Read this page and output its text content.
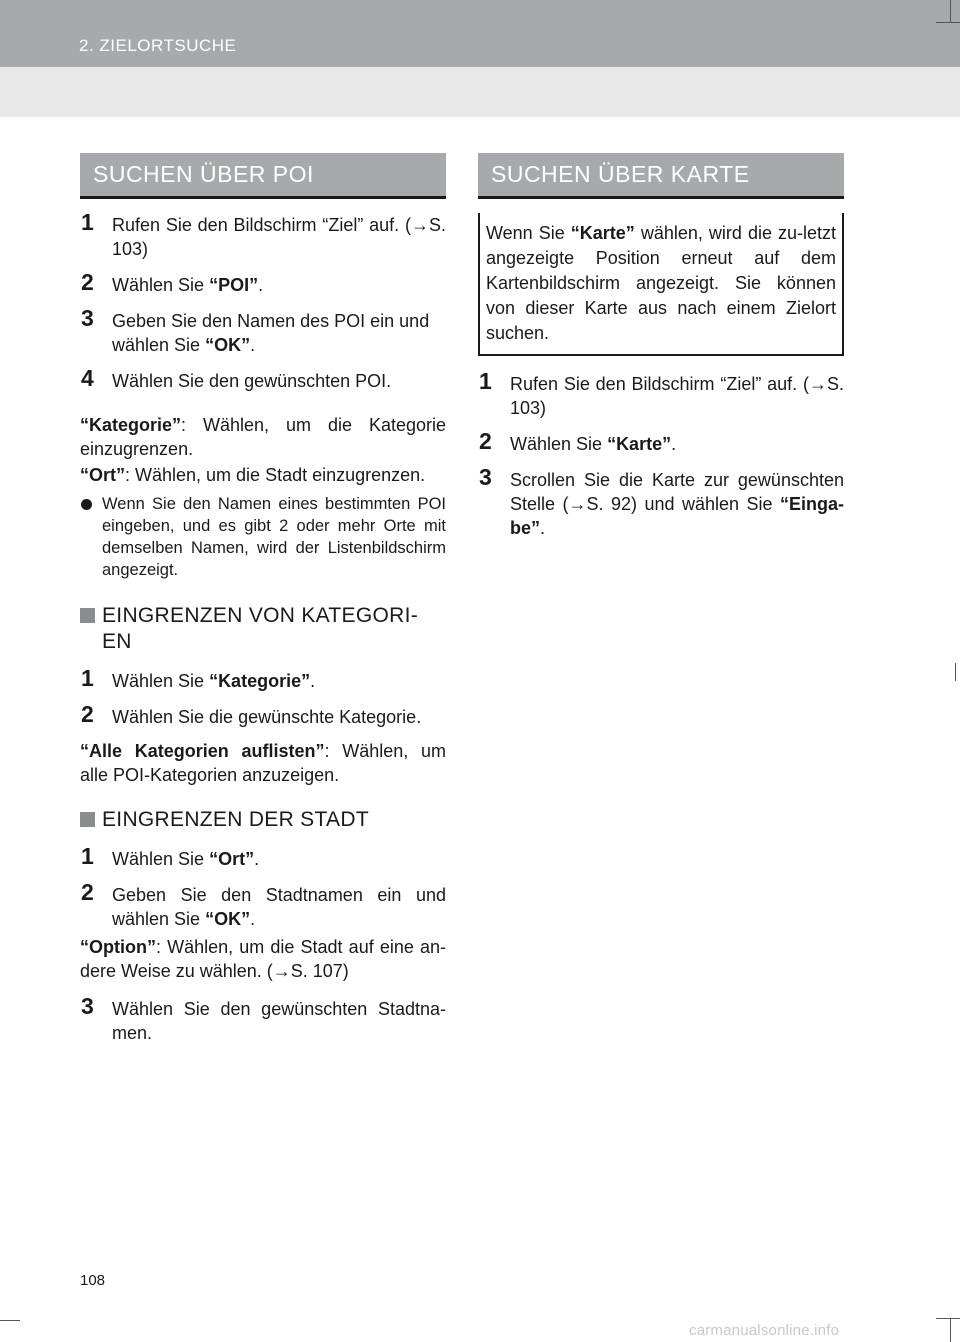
2. ZIELORTSUCHE
SUCHEN ÜBER POI
1 Rufen Sie den Bildschirm “Ziel” auf. (→S. 103)
2 Wählen Sie “POI”.
3 Geben Sie den Namen des POI ein und wählen Sie “OK”.
4 Wählen Sie den gewünschten POI.
“Kategorie”: Wählen, um die Kategorie einzugrenzen.
“Ort”: Wählen, um die Stadt einzugrenzen.
Wenn Sie den Namen eines bestimmten POI eingeben, und es gibt 2 oder mehr Orte mit demselben Namen, wird der Listenbildschirm angezeigt.
EINGRENZEN VON KATEGORI-EN
1 Wählen Sie “Kategorie”.
2 Wählen Sie die gewünschte Kategorie.
“Alle Kategorien auflisten”: Wählen, um alle POI-Kategorien anzuzeigen.
EINGRENZEN DER STADT
1 Wählen Sie “Ort”.
2 Geben Sie den Stadtnamen ein und wählen Sie “OK”.
“Option”: Wählen, um die Stadt auf eine an-dere Weise zu wählen. (→S. 107)
3 Wählen Sie den gewünschten Stadtna-men.
SUCHEN ÜBER KARTE
Wenn Sie “Karte” wählen, wird die zu-letzt angezeigte Position erneut auf dem Kartenbildschirm angezeigt. Sie können von dieser Karte aus nach einem Zielort suchen.
1 Rufen Sie den Bildschirm “Ziel” auf. (→S. 103)
2 Wählen Sie “Karte”.
3 Scrollen Sie die Karte zur gewünschten Stelle (→S. 92) und wählen Sie “Einga-be”.
108
carmanualsonline.info
